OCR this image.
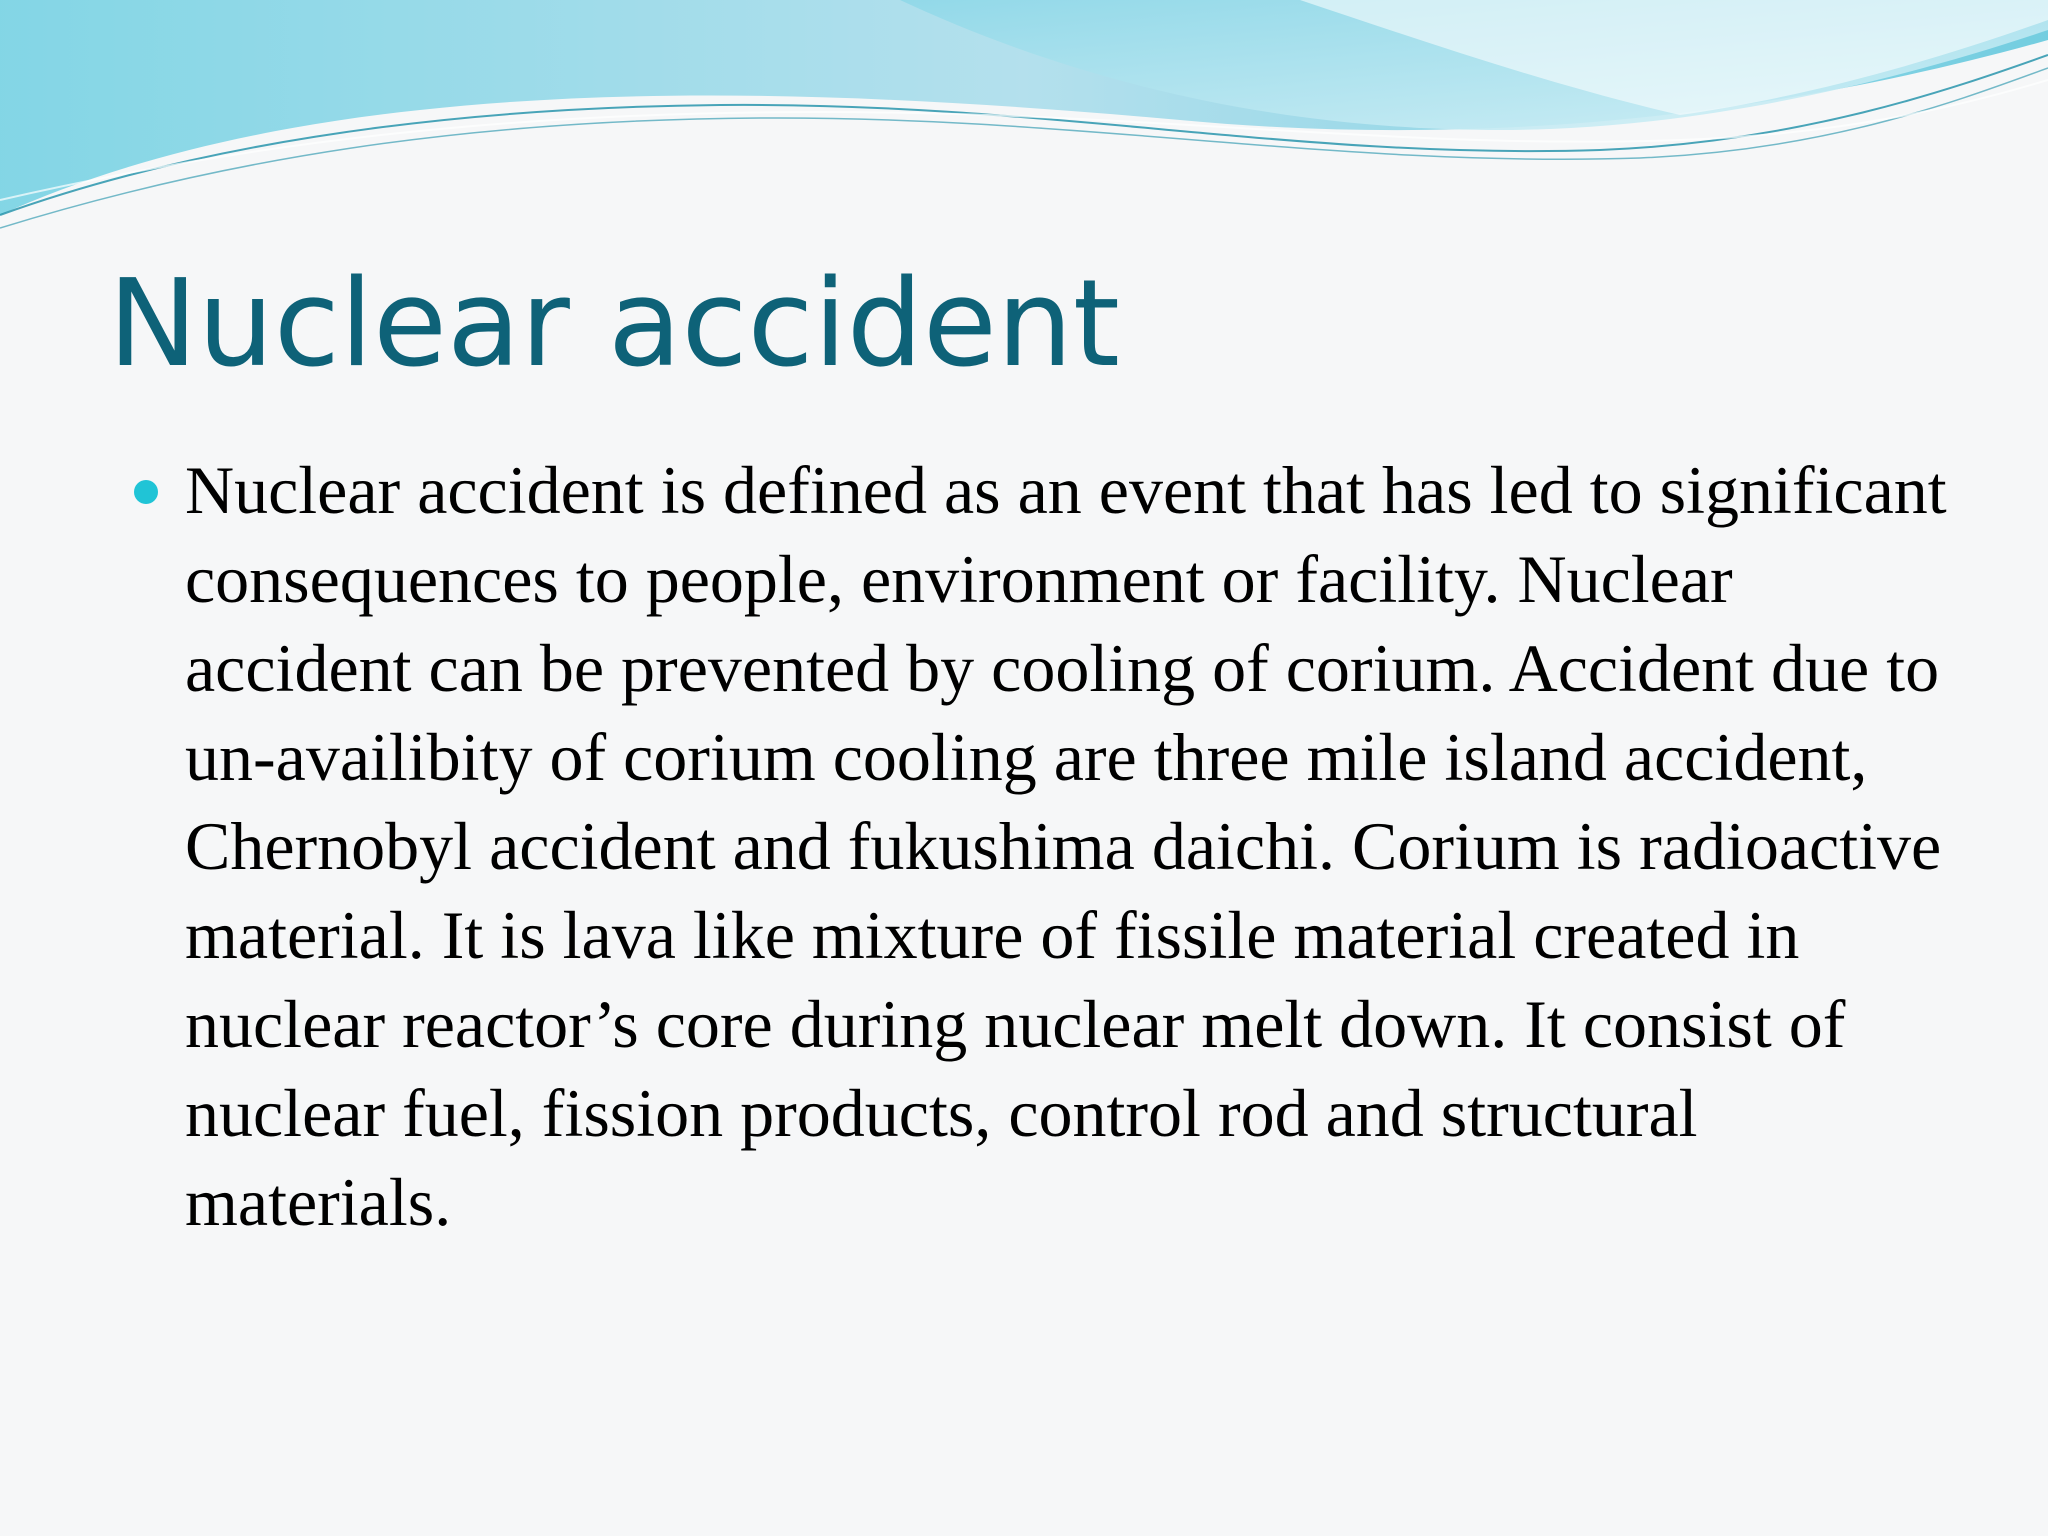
Nuclear accident
Nuclear accident is defined as an event that has led to significant consequences to people, environment or facility. Nuclear accident can be prevented by cooling of corium. Accident due to un-availibity of corium cooling are three mile island accident, Chernobyl accident and fukushima daichi. Corium is radioactive material. It is lava like mixture of fissile material created in nuclear reactor’s core during nuclear melt down. It consist of nuclear fuel, fission products, control rod and structural materials.
